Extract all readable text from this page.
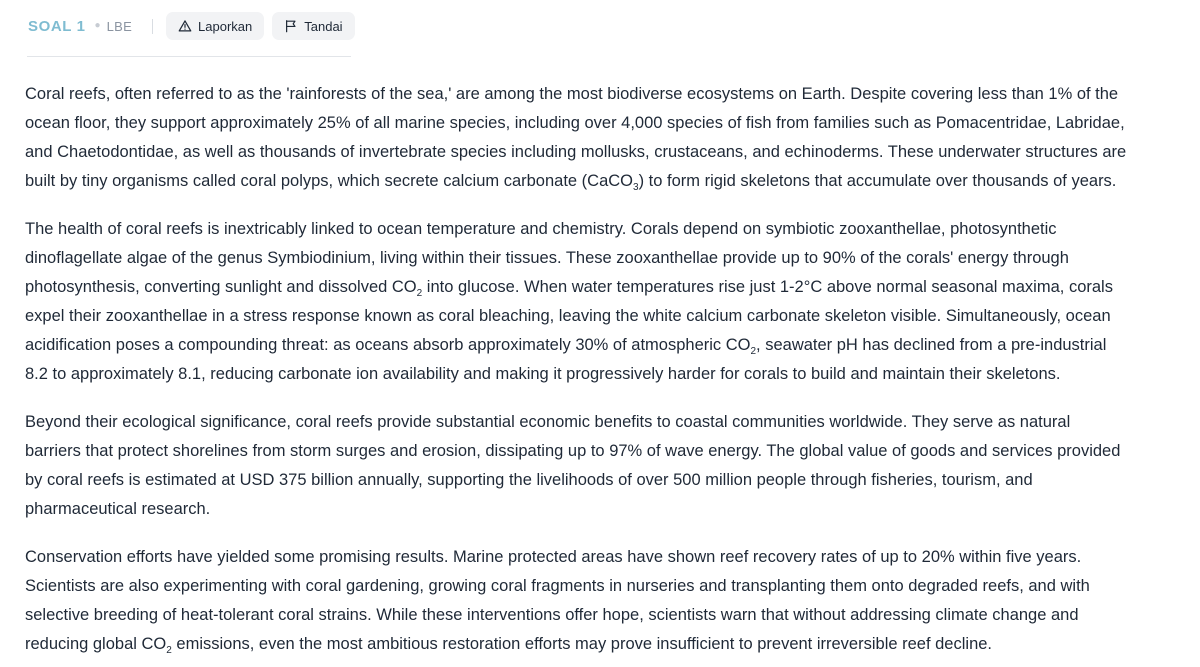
SOAL 1 ● LBE	Laporkan	Tandai

Coral reefs, often referred to as the 'rainforests of the sea,' are among the most biodiverse ecosystems on Earth. Despite covering less than 1% of the
ocean floor, they support approximately 25% of all marine species, including over 4,000 species of fish from families such as Pomacentridae, Labridae,
and Chaetodontidae, as well as thousands of invertebrate species including mollusks, crustaceans, and echinoderms. These underwater structures are
built by tiny organisms called coral polyps, which secrete calcium carbonate (CaCO$_3$) to form rigid skeletons that accumulate over thousands of years.

The health of coral reefs is inextricably linked to ocean temperature and chemistry. Corals depend on symbiotic zooxanthellae, photosynthetic
dinoflagellate algae of the genus Symbiodinium, living within their tissues. These zooxanthellae provide up to 90% of the corals' energy through
photosynthesis, converting sunlight and dissolved $CO_2$ into glucose. When water temperatures rise just 1-2°C above normal seasonal maxima, corals
expel their zooxanthellae in a stress response known as coral bleaching, leaving the white calcium carbonate skeleton visible. Simultaneously, ocean
acidification poses a compounding threat: as oceans absorb approximately 30% of atmospheric $CO_2$, seawater pH has declined from a pre-industrial
8.2 to approximately 8.1, reducing carbonate ion availability and making it progressively harder for corals to build and maintain their skeletons.

Beyond their ecological significance, coral reefs provide substantial economic benefits to coastal communities worldwide. They serve as natural
barriers that protect shorelines from storm surges and erosion, dissipating up to 97% of wave energy. The global value of goods and services provided
by coral reefs is estimated at USD 375 billion annually, supporting the livelihoods of over 500 million people through fisheries, tourism, and
pharmaceutical research.

Conservation efforts have yielded some promising results. Marine protected areas have shown reef recovery rates of up to 20% within five years.
Scientists are also experimenting with coral gardening, growing coral fragments in nurseries and transplanting them onto degraded reefs, and with
selective breeding of heat-tolerant coral strains. While these interventions offer hope, scientists warn that without addressing climate change and
reducing global $CO_2$ emissions, even the most ambitious restoration efforts may prove insufficient to prevent irreversible reef decline.
